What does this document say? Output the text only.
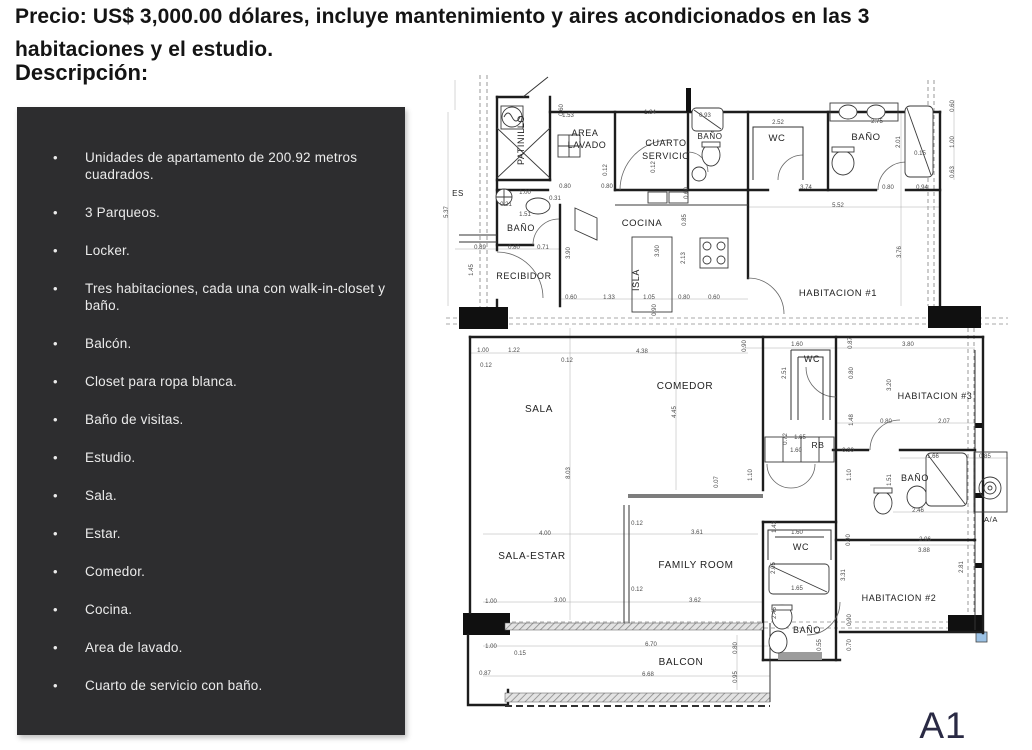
Precio: US$ 3,000.00 dólares, incluye mantenimiento y aires acondicionados en las 3 habitaciones y el estudio.

Descripción:

• Unidades de apartamento de 200.92 metros cuadrados.
• 3 Parqueos.
• Locker.
• Tres habitaciones, cada una con walk-in-closet y baño.
• Balcón.
• Closet para ropa blanca.
• Baño de visitas.
• Estudio.
• Sala.
• Estar.
• Comedor.
• Cocina.
• Area de lavado.
• Cuarto de servicio con baño.
PATINILLO	AREA
LAVADO	CUARTO
SERVICIO
BAÑO	WC	BAÑO
BAÑO
RECIBIDOR
COCINA
ISLA
HABITACION #1
ES
SALA
COMEDOR
WC
HABITACION #3
RB
BAÑO
A/A
SALA-ESTAR
FAMILY ROOM
WC
HABITACION #2
BAÑO
BALCON
0.60
1.53	1.84	0.93
2.52	2.75
2.01
0.15
0.60
1.00
0.63
0.12	0.12
0.80	0.80	3.74	0.80	0.94
5.52
3.76
5.37
1.00
0.21
1.51
0.31
0.89	0.80	0.71
1.45
3.90	3.90
0.60
0.85
2.13
0.90
0.60	1.33	1.05	0.80	0.60
1.00	1.22
0.12
0.12
4.38
0.90	1.60	0.87	3.80
4.45
8.03
0.07
2.51	0.80
3.20
1.48	0.80	2.07
0.72 1.65
1.60	0.90
1.10	1.10	1.51
1.66	0.85
2.46
0.90	2.96
3.88
1.43
1.60
4.00
0.12
3.61
0.12
1.00	3.00	3.62
2.05
3.31
2.81
1.65
2.45
0.90
0.55	0.70
6.70
1.00
0.15
0.87	6.68
0.80
0.95
A1
